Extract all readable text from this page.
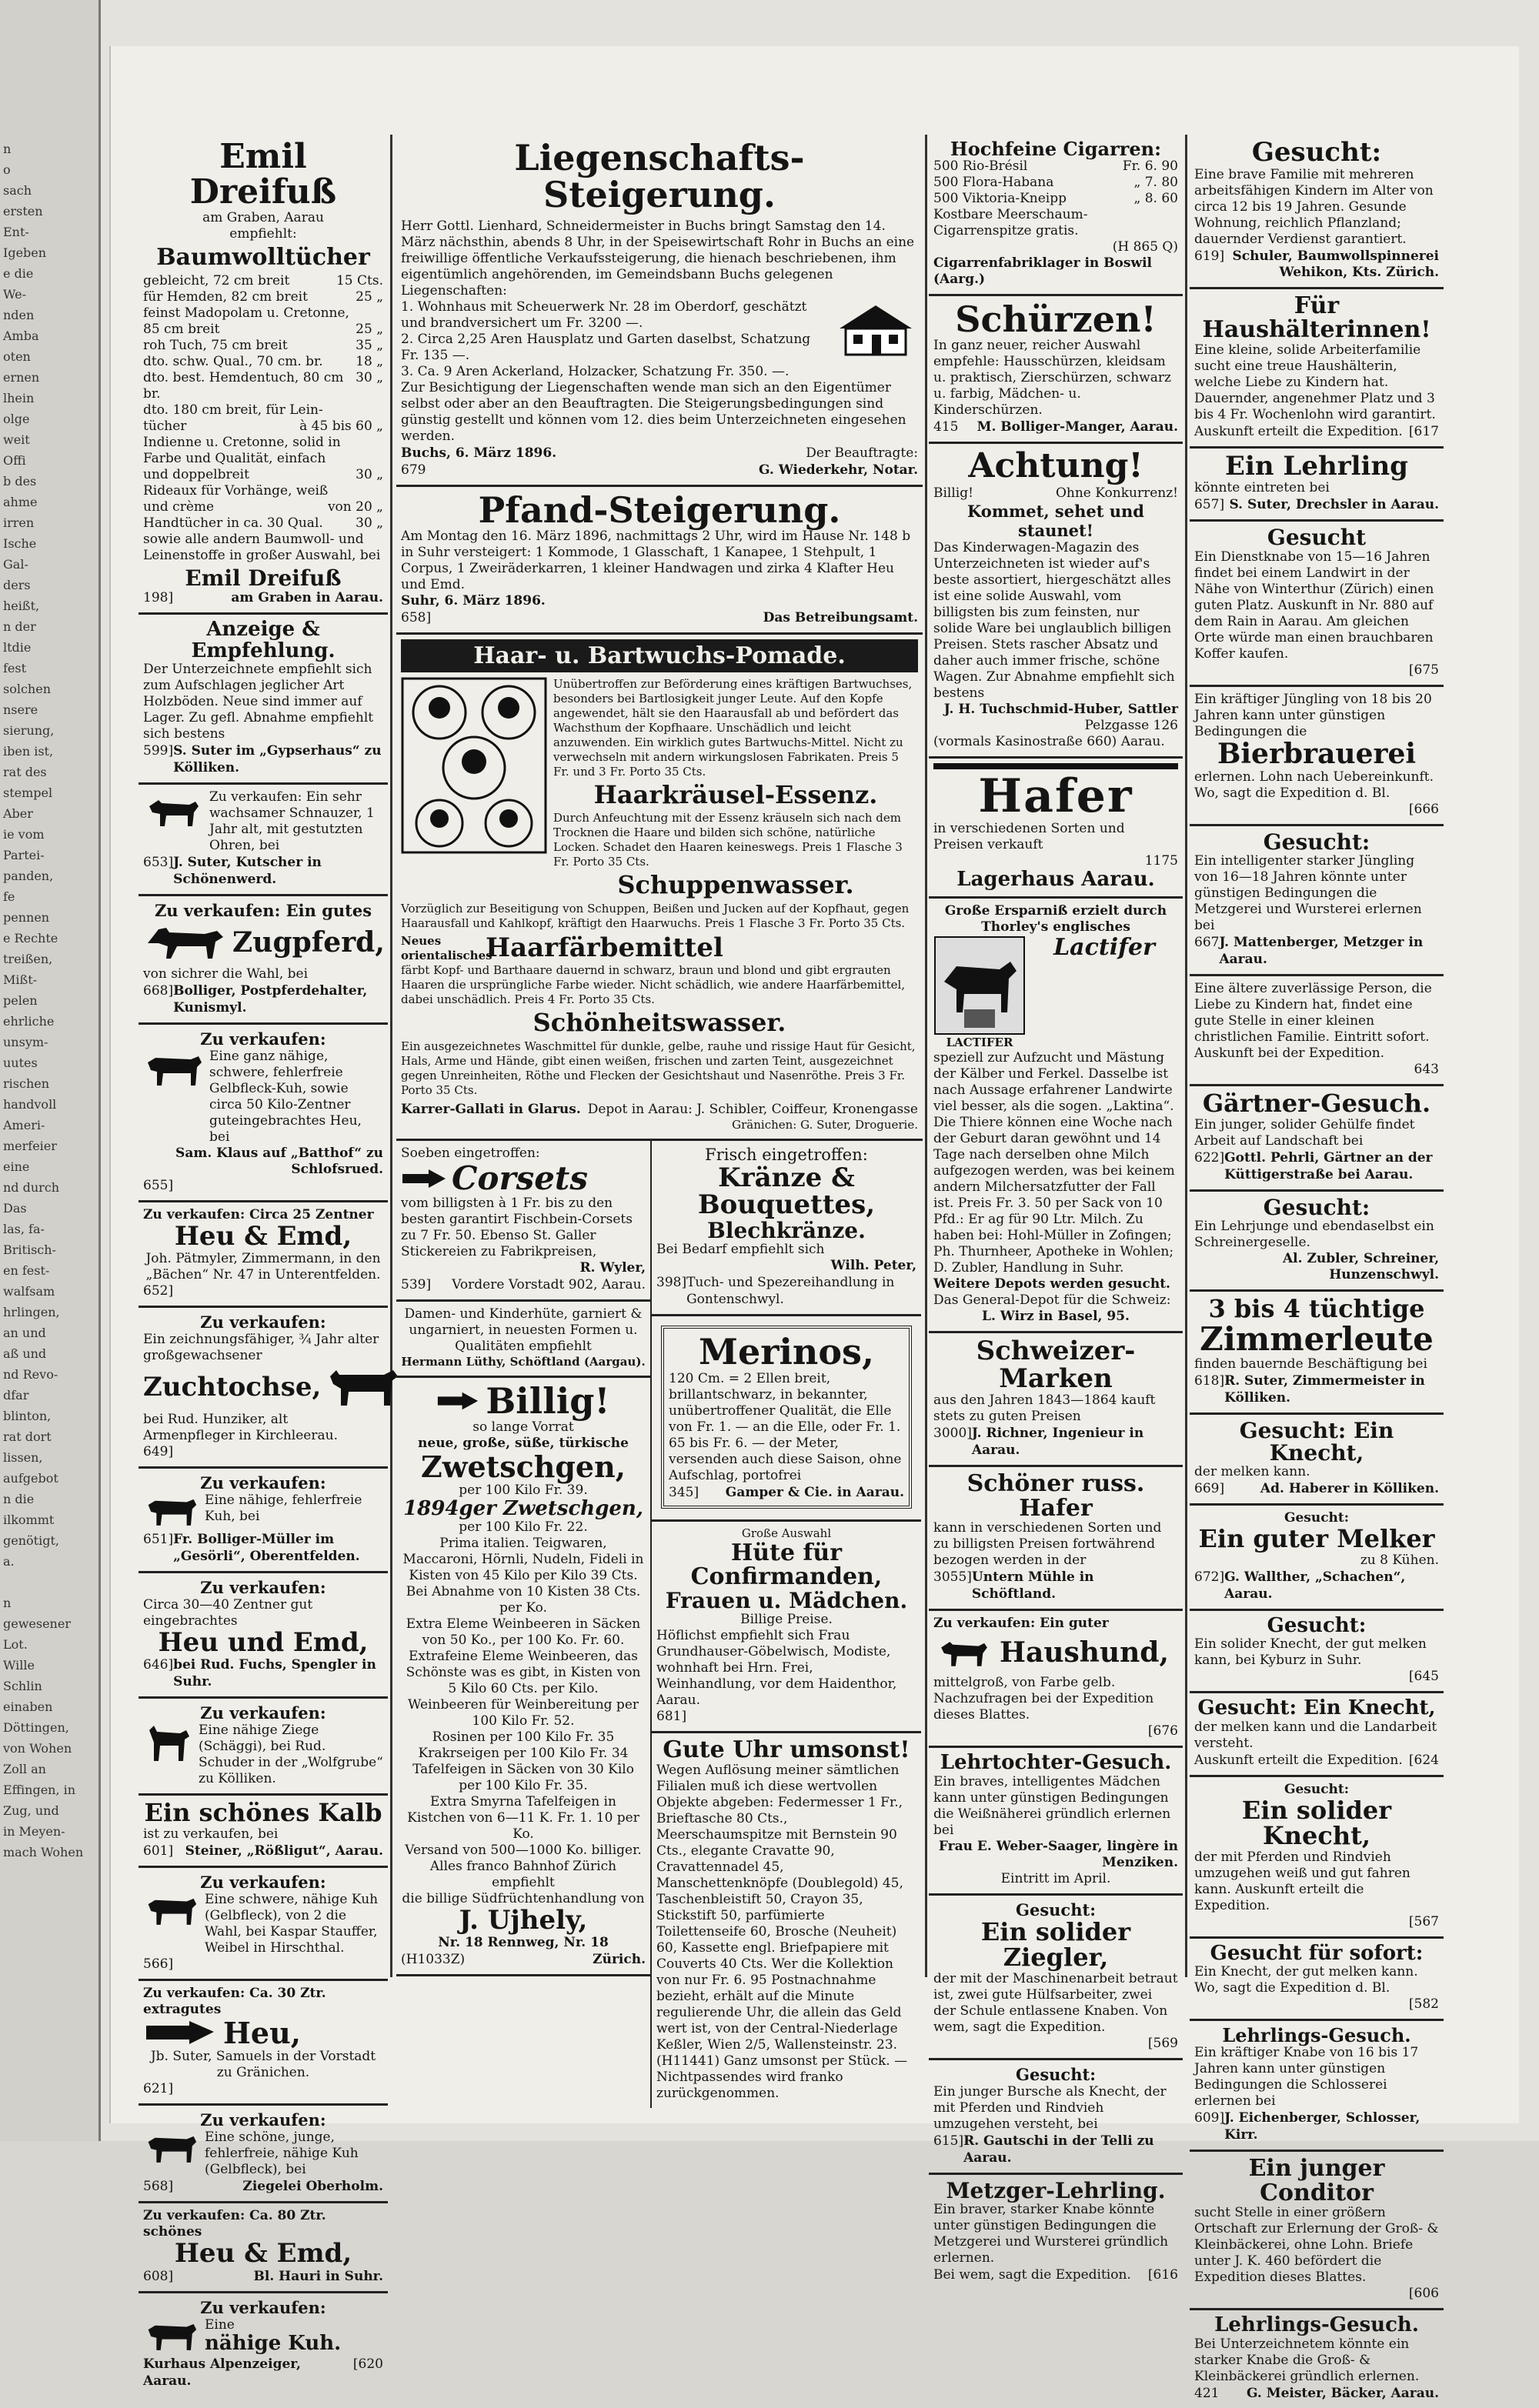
n
o
sach
ersten
Ent-
Igeben
e die
We-
nden
Amba
oten
ernen
lhein
olge
weit
Offi
b des
ahme
irren
Ische
Gal-
ders
heißt,
n der
ltdie
fest
solchen
nsere
sierung,
iben ist,
rat des
stempel
Aber
ie vom
Partei-
panden,
fe
pennen
e Rechte
treißen,
Mißt-
pelen
ehrliche
unsym-
uutes
rischen
handvoll
Ameri-
merfeier
eine
nd durch
Das
las, fa-
Britisch-
en fest-
walfsam
hrlingen,
an und
aß und
nd Revo-
dfar
blinton,
rat dort
lissen,
aufgebot
n die
ilkommt
genötigt,
a.
n
gewesener
Lot.
Wille
Schlin
einaben
Döttingen,
von Wohen
Zoll an
Effingen, in
Zug, und
in Meyen-
mach Wohen
Emil Dreifuß
am Graben, Aarau
empfiehlt:
Baumwolltücher
gebleicht, 72 cm breit	15 Cts.
für Hemden, 82 cm breit	25 „
feinst Madopolam u. Cretonne,
85 cm breit	25 „
roh Tuch, 75 cm breit	35 „
dto. schw. Qual., 70 cm. br. 18 „
dto. best. Hemdentuch, 80 cm br.
30 „
dto. 180 cm breit, für Lein-
tücher	à 45 bis 60 „
Indienne u. Cretonne, solid in
Farbe und Qualität, einfach
und doppelbreit	30 „
Rideaux für Vorhänge, weiß
und crème	von 20 „
Handtücher in ca. 30 Qual. 30 „
sowie alle andern Baumwoll- und Leinenstoffe in großer Auswahl, bei
Emil Dreifuß
198]	am Graben in Aarau.
Anzeige & Empfehlung.
Der Unterzeichnete empfiehlt sich zum Aufschlagen jeglicher Art Holzböden. Neue sind immer auf Lager. Zu gefl. Abnahme empfiehlt sich bestens
599] S. Suter im „Gypserhaus“ zu Kölliken.
Zu verkaufen: Ein sehr wachsamer Schnauzer, 1 Jahr alt, mit gestutzten Ohren, bei
653] J. Suter, Kutscher in Schönenwerd.
Zu verkaufen: Ein gutes
Zugpferd,
von sichrer die Wahl, bei
668] Bolliger, Postpferdehalter, Kunismyl.
Zu verkaufen:
Eine ganz nähige, schwere, fehlerfreie Gelbfleck-Kuh, sowie circa 50 Kilo-Zentner guteingebrachtes Heu, bei
Sam. Klaus auf „Batthof“ zu Schlofsrued.
655]
Zu verkaufen: Circa 25 Zentner
Heu & Emd,
Joh. Pätmyler, Zimmermann, in den „Bächen“ Nr. 47 in Unterentfelden.
652]
Zu verkaufen:
Ein zeichnungsfähiger, ¾ Jahr alter großgewachsener
Zuchtochse,
bei Rud. Hunziker, alt Armenpfleger in Kirchleerau.
649]
Zu verkaufen:
Eine nähige, fehlerfreie Kuh, bei
651] Fr. Bolliger-Müller im „Gesörli“, Oberentfelden.
Zu verkaufen:
Circa 30—40 Zentner gut eingebrachtes
Heu und Emd,
646] bei Rud. Fuchs, Spengler in Suhr.
Zu verkaufen:
Eine nähige Ziege (Schäggi), bei Rud. Schuder in der „Wolfgrube“ zu Kölliken.
Ein schönes Kalb
ist zu verkaufen, bei
601] Steiner, „Rößligut“, Aarau.
Zu verkaufen:
Eine schwere, nähige Kuh (Gelbfleck), von 2 die Wahl, bei Kaspar Stauffer, Weibel in Hirschthal.
566]
Zu verkaufen: Ca. 30 Ztr. extragutes
Heu,
Jb. Suter, Samuels in der Vorstadt zu Gränichen.
621]
Zu verkaufen:
Eine schöne, junge, fehlerfreie, nähige Kuh (Gelbfleck), bei
568]	Ziegelei Oberholm.
Zu verkaufen: Ca. 80 Ztr. schönes
Heu & Emd,
608]	Bl. Hauri in Suhr.
Zu verkaufen:
Eine
nähige Kuh.
Kurhaus Alpenzeiger, Aarau.
[620
Liegenschafts-Steigerung.
Herr Gottl. Lienhard, Schneidermeister in Buchs bringt Samstag den 14. März nächsthin, abends 8 Uhr, in der Speisewirtschaft Rohr in Buchs an eine freiwillige öffentliche Verkaufssteigerung, die hienach beschriebenen, ihm eigentümlich angehörenden, im Gemeindsbann Buchs gelegenen Liegenschaften:
1. Wohnhaus mit Scheuerwerk Nr. 28 im Oberdorf, geschätzt und brandversichert um Fr. 3200 —.
2. Circa 2,25 Aren Hausplatz und Garten daselbst, Schatzung Fr. 135 —.
3. Ca. 9 Aren Ackerland, Holzacker, Schatzung Fr. 350. —.
Zur Besichtigung der Liegenschaften wende man sich an den Eigentümer selbst oder aber an den Beauftragten. Die Steigerungsbedingungen sind günstig gestellt und können vom 12. dies beim Unterzeichneten eingesehen werden.
Buchs, 6. März 1896.	Der Beauftragte:
679	G. Wiederkehr, Notar.
Pfand-Steigerung.
Am Montag den 16. März 1896, nachmittags 2 Uhr, wird im Hause Nr. 148 b in Suhr versteigert: 1 Kommode, 1 Glasschaft, 1 Kanapee, 1 Stehpult, 1 Corpus, 1 Zweiräderkarren, 1 kleiner Handwagen und zirka 4 Klafter Heu und Emd.
Suhr, 6. März 1896.
658]	Das Betreibungsamt.
Haar- u. Bartwuchs-Pomade.
Unübertroffen zur Beförderung eines kräftigen Bartwuchses, besonders bei Bartlosigkeit junger Leute. Auf den Kopfe angewendet, hält sie den Haarausfall ab und befördert das Wachsthum der Kopfhaare. Unschädlich und leicht anzuwenden. Ein wirklich gutes Bartwuchs-Mittel. Nicht zu verwechseln mit andern wirkungslosen Fabrikaten. Preis 5 Fr. und 3 Fr. Porto 35 Cts.
Haarkräusel-Essenz.
Durch Anfeuchtung mit der Essenz kräuseln sich nach dem Trocknen die Haare und bilden sich schöne, natürliche Locken. Schadet den Haaren keineswegs. Preis 1 Flasche 3 Fr. Porto 35 Cts.
Schuppenwasser.
Vorzüglich zur Beseitigung von Schuppen, Beißen und Jucken auf der Kopfhaut, gegen Haarausfall und Kahlkopf, kräftigt den Haarwuchs. Preis 1 Flasche 3 Fr. Porto 35 Cts.
Neues orientalisches
Haarfärbemittel
färbt Kopf- und Barthaare dauernd in schwarz, braun und blond und gibt ergrauten Haaren die ursprüngliche Farbe wieder. Nicht schädlich, wie andere Haarfärbemittel, dabei unschädlich. Preis 4 Fr. Porto 35 Cts.
Schönheitswasser.
Ein ausgezeichnetes Waschmittel für dunkle, gelbe, rauhe und rissige Haut für Gesicht, Hals, Arme und Hände, gibt einen weißen, frischen und zarten Teint, ausgezeichnet gegen Unreinheiten, Röthe und Flecken der Gesichtshaut und Nasenröthe. Preis 3 Fr. Porto 35 Cts.
Karrer-Gallati in Glarus. Depot in Aarau: J. Schibler, Coiffeur, Kronengasse
Gränichen: G. Suter, Droguerie.
Soeben eingetroffen:
Corsets
vom billigsten à 1 Fr. bis zu den besten garantirt Fischbein-Corsets zu 7 Fr. 50. Ebenso St. Galler Stickereien zu Fabrikpreisen,
R. Wyler,
539] Vordere Vorstadt 902, Aarau.
Damen- und Kinderhüte, garniert & ungarniert, in neuesten Formen u. Qualitäten empfiehlt
Hermann Lüthy, Schöftland (Aargau).
Billig!
so lange Vorrat
neue, große, süße, türkische
Zwetschgen,
per 100 Kilo Fr. 39.
1894ger Zwetschgen,
per 100 Kilo Fr. 22.
Prima italien. Teigwaren,
Maccaroni, Hörnli, Nudeln, Fideli in Kisten von 45 Kilo per Kilo 39 Cts.
Bei Abnahme von 10 Kisten 38 Cts. per Ko.
Extra Eleme Weinbeeren in Säcken von 50 Ko., per 100 Ko. Fr. 60.
Extrafeine Eleme Weinbeeren, das Schönste was es gibt, in Kisten von 5 Kilo 60 Cts. per Kilo.
Weinbeeren für Weinbereitung per 100 Kilo Fr. 52.
Rosinen per 100 Kilo Fr. 35
Krakrseigen per 100 Kilo Fr. 34
Tafelfeigen in Säcken von 30 Kilo per 100 Kilo Fr. 35.
Extra Smyrna Tafelfeigen in Kistchen von 6—11 K. Fr. 1. 10 per Ko.
Versand von 500—1000 Ko. billiger. Alles franco Bahnhof Zürich empfiehlt
die billige Südfrüchtenhandlung von
J. Ujhely,
Nr. 18 Rennweg, Nr. 18
(H1033Z)	Zürich.
Frisch eingetroffen:
Kränze & Bouquettes,
Blechkränze.
Bei Bedarf empfiehlt sich
Wilh. Peter,
398] Tuch- und Spezereihandlung in Gontenschwyl.
Merinos,
120 Cm. = 2 Ellen breit, brillantschwarz, in bekannter, unübertroffener Qualität, die Elle von Fr. 1. — an die Elle, oder Fr. 1. 65 bis Fr. 6. — der Meter, versenden auch diese Saison, ohne Aufschlag, portofrei
345] Gamper & Cie. in Aarau.
Große Auswahl
Hüte für Confirmanden,
Frauen u. Mädchen.
Billige Preise.
Höflichst empfiehlt sich Frau Grundhauser-Göbelwisch, Modiste, wohnhaft bei Hrn. Frei, Weinhandlung, vor dem Haidenthor, Aarau.
681]
Gute Uhr umsonst!
Wegen Auflösung meiner sämtlichen Filialen muß ich diese wertvollen Objekte abgeben: Federmesser 1 Fr., Brieftasche 80 Cts., Meerschaumspitze mit Bernstein 90 Cts., elegante Cravatte 90, Cravattennadel 45, Manschettenknöpfe (Doublegold) 45, Taschenbleistift 50, Crayon 35, Stickstift 50, parfümierte Toilettenseife 60, Brosche (Neuheit) 60, Kassette engl. Briefpapiere mit Couverts 40 Cts. Wer die Kollektion von nur Fr. 6. 95 Postnachnahme bezieht, erhält auf die Minute regulierende Uhr, die allein das Geld wert ist, von der Central-Niederlage Keßler, Wien 2/5, Wallensteinstr. 23. (H11441) Ganz umsonst per Stück. — Nichtpassendes wird franko zurückgenommen.
Hochfeine Cigarren:
500 Rio-Brésil	Fr. 6. 90
500 Flora-Habana	„ 7. 80
500 Viktoria-Kneipp	„ 8. 60
Kostbare Meerschaum-Cigarrenspitze gratis.
(H 865 Q)
Cigarrenfabriklager in Boswil (Aarg.)
Schürzen!
In ganz neuer, reicher Auswahl empfehle: Hausschürzen, kleidsam u. praktisch, Zierschürzen, schwarz u. farbig, Mädchen- u. Kinderschürzen.
415 M. Bolliger-Manger, Aarau.
Achtung!
Billig!	Ohne Konkurrenz!
Kommet, sehet und staunet!
Das Kinderwagen-Magazin des Unterzeichneten ist wieder auf's beste assortiert, hiergeschätzt alles ist eine solide Auswahl, vom billigsten bis zum feinsten, nur solide Ware bei unglaublich billigen Preisen. Stets rascher Absatz und daher auch immer frische, schöne Wagen. Zur Abnahme empfiehlt sich bestens
J. H. Tuchschmid-Huber, Sattler
Pelzgasse 126
(vormals Kasinostraße 660) Aarau.
Hafer
in verschiedenen Sorten und Preisen verkauft
1175
Lagerhaus Aarau.
Große Ersparniß erzielt durch Thorley's englisches
LACTIFER
Lactifer
speziell zur Aufzucht und Mästung der Kälber und Ferkel. Dasselbe ist nach Aussage erfahrener Landwirte viel besser, als die sogen. „Laktina“. Die Thiere können eine Woche nach der Geburt daran gewöhnt und 14 Tage nach derselben ohne Milch aufgezogen werden, was bei keinem andern Milchersatzfutter der Fall ist. Preis Fr. 3. 50 per Sack von 10 Pfd.: Er ag für 90 Ltr. Milch. Zu haben bei: Hohl-Müller in Zofingen; Ph. Thurnheer, Apotheke in Wohlen; D. Zubler, Handlung in Suhr.
Weitere Depots werden gesucht.
Das General-Depot für die Schweiz:
L. Wirz in Basel, 95.
Schweizer-Marken
aus den Jahren 1843—1864 kauft stets zu guten Preisen
3000] J. Richner, Ingenieur in Aarau.
Schöner russ. Hafer
kann in verschiedenen Sorten und zu billigsten Preisen fortwährend bezogen werden in der
3055] Untern Mühle in Schöftland.
Zu verkaufen: Ein guter
Haushund,
mittelgroß, von Farbe gelb. Nachzufragen bei der Expedition dieses Blattes.
[676
Lehrtochter-Gesuch.
Ein braves, intelligentes Mädchen kann unter günstigen Bedingungen die Weißnäherei gründlich erlernen bei
Frau E. Weber-Saager, lingère in Menziken.
Eintritt im April.
Gesucht:
Ein solider Ziegler,
der mit der Maschinenarbeit betraut ist, zwei gute Hülfsarbeiter, zwei der Schule entlassene Knaben. Von wem, sagt die Expedition.
[569
Gesucht:
Ein junger Bursche als Knecht, der mit Pferden und Rindvieh umzugehen versteht, bei
615] R. Gautschi in der Telli zu Aarau.
Metzger-Lehrling.
Ein braver, starker Knabe könnte unter günstigen Bedingungen die Metzgerei und Wursterei gründlich erlernen.
Bei wem, sagt die Expedition. [616
Gesucht:
Eine brave Familie mit mehreren arbeitsfähigen Kindern im Alter von circa 12 bis 19 Jahren. Gesunde Wohnung, reichlich Pflanzland; dauernder Verdienst garantiert.
619] Schuler, Baumwollspinnerei
Wehikon, Kts. Zürich.
Für Haushälterinnen!
Eine kleine, solide Arbeiterfamilie sucht eine treue Haushälterin, welche Liebe zu Kindern hat. Dauernder, angenehmer Platz und 3 bis 4 Fr. Wochenlohn wird garantirt.
Auskunft erteilt die Expedition. [617
Ein Lehrling
könnte eintreten bei
657] S. Suter, Drechsler in Aarau.
Gesucht
Ein Dienstknabe von 15—16 Jahren findet bei einem Landwirt in der Nähe von Winterthur (Zürich) einen guten Platz. Auskunft in Nr. 880 auf dem Rain in Aarau. Am gleichen Orte würde man einen brauchbaren Koffer kaufen.
[675
Ein kräftiger Jüngling von 18 bis 20 Jahren kann unter günstigen Bedingungen die
Bierbrauerei
erlernen. Lohn nach Uebereinkunft. Wo, sagt die Expedition d. Bl.
[666
Gesucht:
Ein intelligenter starker Jüngling von 16—18 Jahren könnte unter günstigen Bedingungen die Metzgerei und Wursterei erlernen bei
667 J. Mattenberger, Metzger in Aarau.
Eine ältere zuverlässige Person, die Liebe zu Kindern hat, findet eine gute Stelle in einer kleinen christlichen Familie. Eintritt sofort. Auskunft bei der Expedition.
643
Gärtner-Gesuch.
Ein junger, solider Gehülfe findet Arbeit auf Landschaft bei
622] Gottl. Pehrli, Gärtner an der Küttigerstraße bei Aarau.
Gesucht:
Ein Lehrjunge und ebendaselbst ein Schreinergeselle.
Al. Zubler, Schreiner, Hunzenschwyl.
3 bis 4 tüchtige
Zimmerleute
finden bauernde Beschäftigung bei
618] R. Suter, Zimmermeister in Kölliken.
Gesucht: Ein Knecht,
der melken kann.
669]	Ad. Haberer in Kölliken.
Gesucht:
Ein guter Melker
zu 8 Kühen.
672] G. Wallther, „Schachen“, Aarau.
Gesucht:
Ein solider Knecht, der gut melken kann, bei Kyburz in Suhr.
[645
Gesucht: Ein Knecht,
der melken kann und die Landarbeit versteht.
Auskunft erteilt die Expedition. [624
Gesucht:
Ein solider Knecht,
der mit Pferden und Rindvieh umzugehen weiß und gut fahren kann. Auskunft erteilt die Expedition.
[567
Gesucht für sofort:
Ein Knecht, der gut melken kann. Wo, sagt die Expedition d. Bl.
[582
Lehrlings-Gesuch.
Ein kräftiger Knabe von 16 bis 17 Jahren kann unter günstigen Bedingungen die Schlosserei erlernen bei
609] J. Eichenberger, Schlosser, Kirr.
Ein junger Conditor
sucht Stelle in einer größern Ortschaft zur Erlernung der Groß- & Kleinbäckerei, ohne Lohn. Briefe unter J. K. 460 befördert die Expedition dieses Blattes.
[606
Lehrlings-Gesuch.
Bei Unterzeichnetem könnte ein starker Knabe die Groß- & Kleinbäckerei gründlich erlernen.
421 G. Meister, Bäcker, Aarau.
